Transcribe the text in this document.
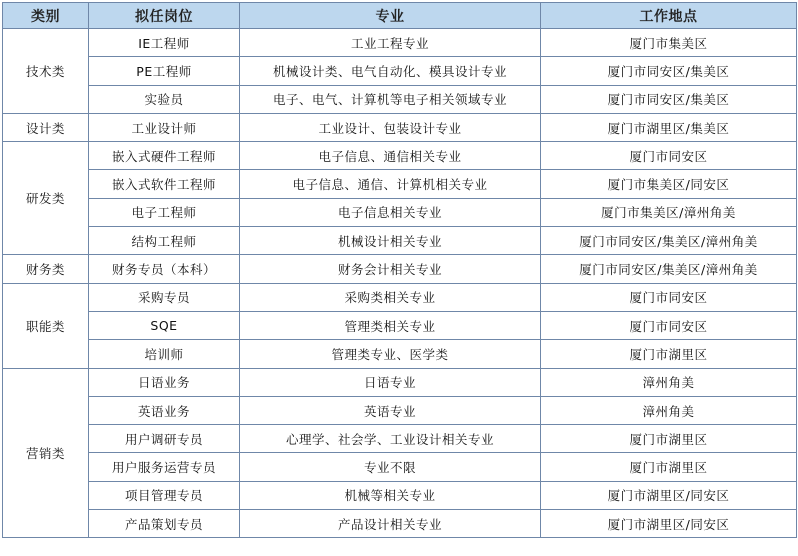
类别	拟任岗位	专业	工作地点
技术类	IE工程师	工业工程专业	厦门市集美区
	PE工程师	机械设计类、电气自动化、模具设计专业	厦门市同安区/集美区
	实验员	电子、电气、计算机等电子相关领域专业	厦门市同安区/集美区
设计类	工业设计师	工业设计、包装设计专业	厦门市湖里区/集美区
研发类	嵌入式硬件工程师	电子信息、通信相关专业	厦门市同安区
	嵌入式软件工程师	电子信息、通信、计算机相关专业	厦门市集美区/同安区
	电子工程师	电子信息相关专业	厦门市集美区/漳州角美
	结构工程师	机械设计相关专业	厦门市同安区/集美区/漳州角美
财务类	财务专员（本科）	财务会计相关专业	厦门市同安区/集美区/漳州角美
职能类	采购专员	采购类相关专业	厦门市同安区
	SQE	管理类相关专业	厦门市同安区
	培训师	管理类专业、医学类	厦门市湖里区
营销类	日语业务	日语专业	漳州角美
	英语业务	英语专业	漳州角美
	用户调研专员	心理学、社会学、工业设计相关专业	厦门市湖里区
	用户服务运营专员	专业不限	厦门市湖里区
	项目管理专员	机械等相关专业	厦门市湖里区/同安区
	产品策划专员	产品设计相关专业	厦门市湖里区/同安区
